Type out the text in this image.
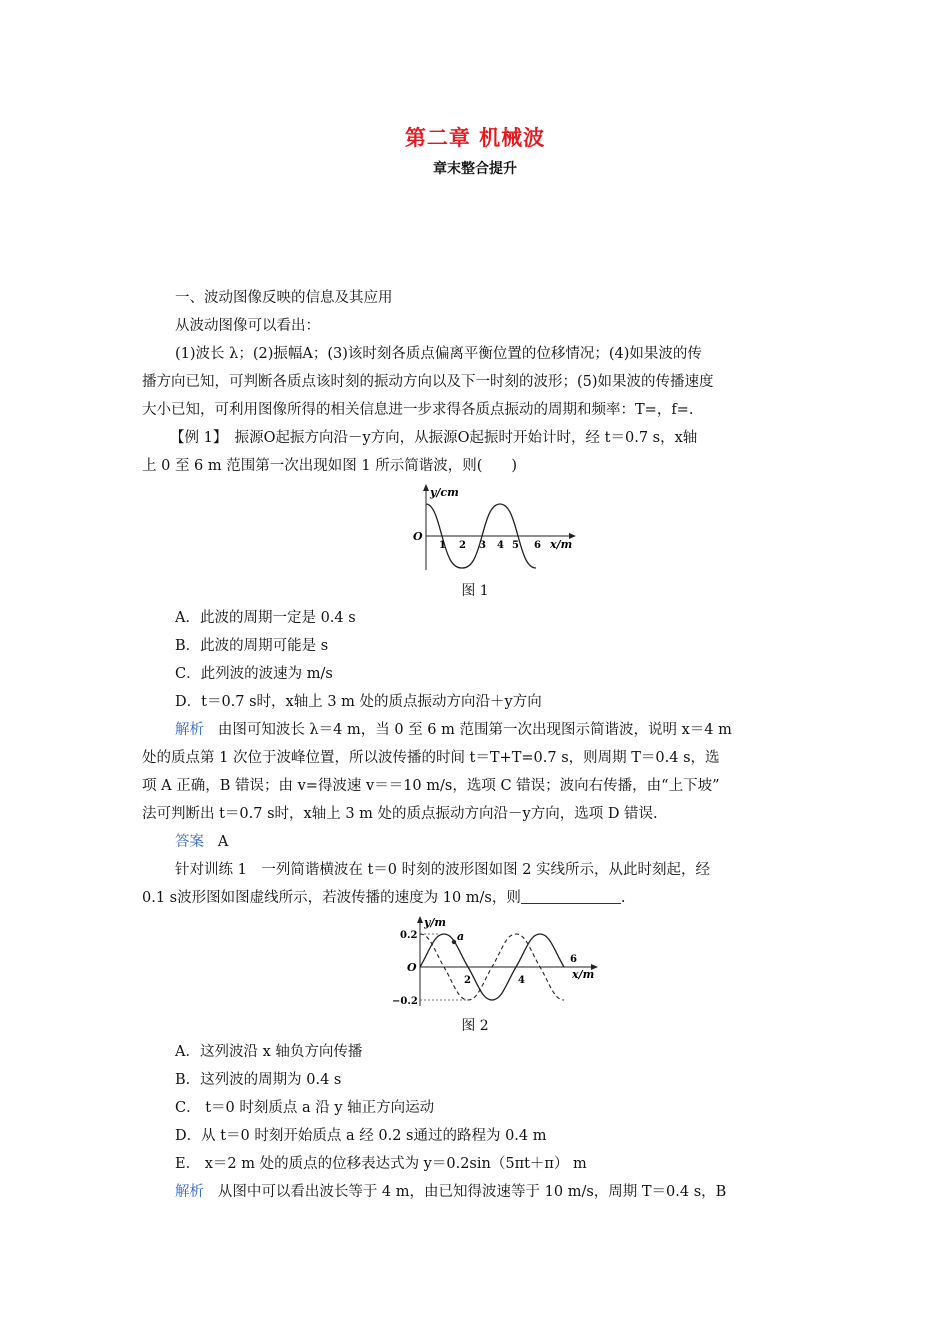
第二章 机械波
章末整合提升
一、波动图像反映的信息及其应用
从波动图像可以看出：
(1)波长 λ；(2)振幅A；(3)该时刻各质点偏离平衡位置的位移情况；(4)如果波的传
播方向已知，可判断各质点该时刻的振动方向以及下一时刻的波形；(5)如果波的传播速度
大小已知，可利用图像所得的相关信息进一步求得各质点振动的周期和频率：T=，f=.
【例 1】　振源O起振方向沿－y方向，从振源O起振时开始计时，经 t＝0.7 s，x轴
上 0 至 6 m 范围第一次出现如图 1 所示简谐波，则(　　)
y/cm
O
1 2 3 4 5 6 x/m
图 1
A．此波的周期一定是 0.4 s
B．此波的周期可能是 s
C．此列波的波速为 m/s
D．t＝0.7 s时，x轴上 3 m 处的质点振动方向沿＋y方向
解析 由图可知波长 λ＝4 m，当 0 至 6 m 范围第一次出现图示简谐波，说明 x＝4 m
处的质点第 1 次位于波峰位置，所以波传播的时间 t＝T+T=0.7 s，则周期 T＝0.4 s，选
项 A 正确，B 错误；由 v=得波速 v＝＝10 m/s，选项 C 错误；波向右传播，由“上下坡”
法可判断出 t＝0.7 s时，x轴上 3 m 处的质点振动方向沿－y方向，选项 D 错误.
答案 A
针对训练 1　一列简谐横波在 t＝0 时刻的波形图如图 2 实线所示，从此时刻起，经
0.1 s波形图如图虚线所示，若波传播的速度为 10 m/s，则	.
a
y/m
0.2
O
−0.2
2	4
6
x/m
图 2
A．这列波沿 x 轴负方向传播
B．这列波的周期为 0.4 s
C． t＝0 时刻质点 a 沿 y 轴正方向运动
D．从 t＝0 时刻开始质点 a 经 0.2 s通过的路程为 0.4 m
E． x＝2 m 处的质点的位移表达式为 y＝0.2sin（5πt＋π） m
解析 从图中可以看出波长等于 4 m，由已知得波速等于 10 m/s，周期 T＝0.4 s，B
